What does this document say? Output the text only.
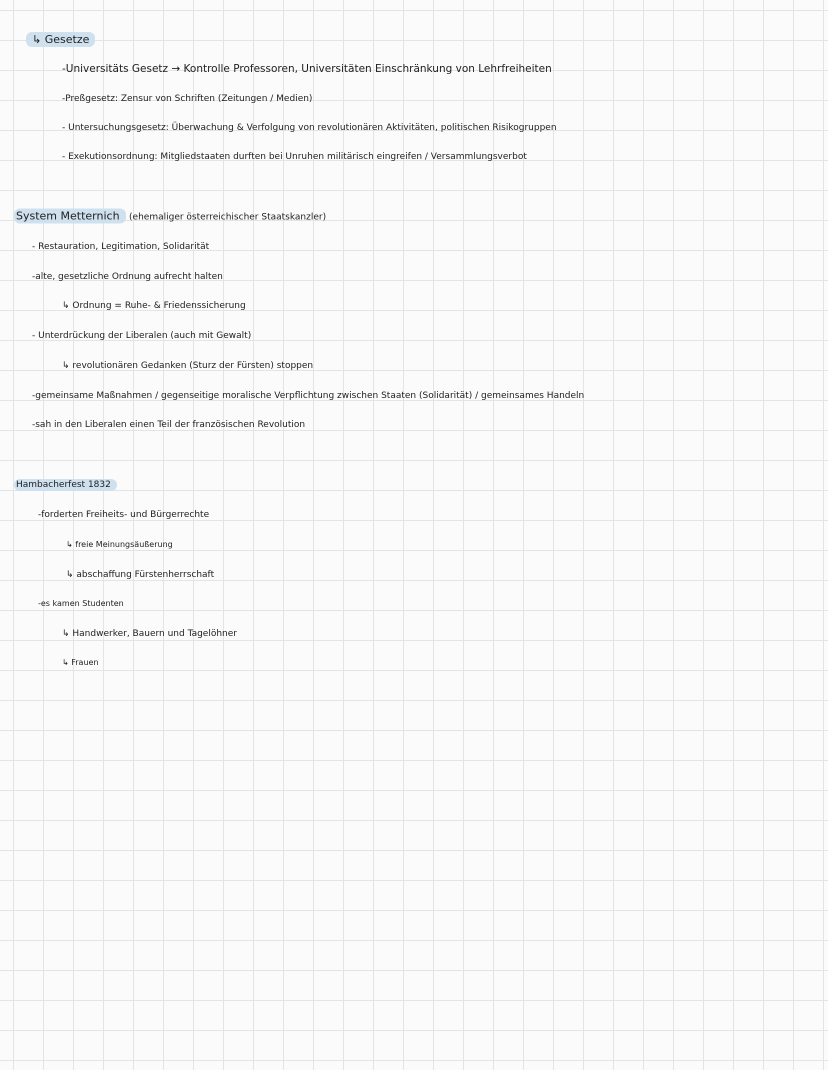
↳ Gesetze
-Universitäts Gesetz → Kontrolle Professoren, Universitäten Einschränkung von Lehrfreiheiten
-Preßgesetz: Zensur von Schriften (Zeitungen / Medien)
- Untersuchungsgesetz: Überwachung & Verfolgung von revolutionären Aktivitäten, politischen Risikogruppen
- Exekutionsordnung: Mitgliedstaaten durften bei Unruhen militärisch eingreifen / Versammlungsverbot
System Metternich (ehemaliger österreichischer Staatskanzler)
- Restauration, Legitimation, Solidarität
-alte, gesetzliche Ordnung aufrecht halten
↳ Ordnung = Ruhe- & Friedenssicherung
- Unterdrückung der Liberalen (auch mit Gewalt)
↳ revolutionären Gedanken (Sturz der Fürsten) stoppen
-gemeinsame Maßnahmen / gegenseitige moralische Verpflichtung zwischen Staaten (Solidarität) / gemeinsames Handeln
-sah in den Liberalen einen Teil der französischen Revolution
Hambacherfest 1832
-forderten Freiheits- und Bürgerrechte
↳ freie Meinungsäußerung
↳ abschaffung Fürstenherrschaft
-es kamen Studenten
↳ Handwerker, Bauern und Tagelöhner
↳ Frauen
